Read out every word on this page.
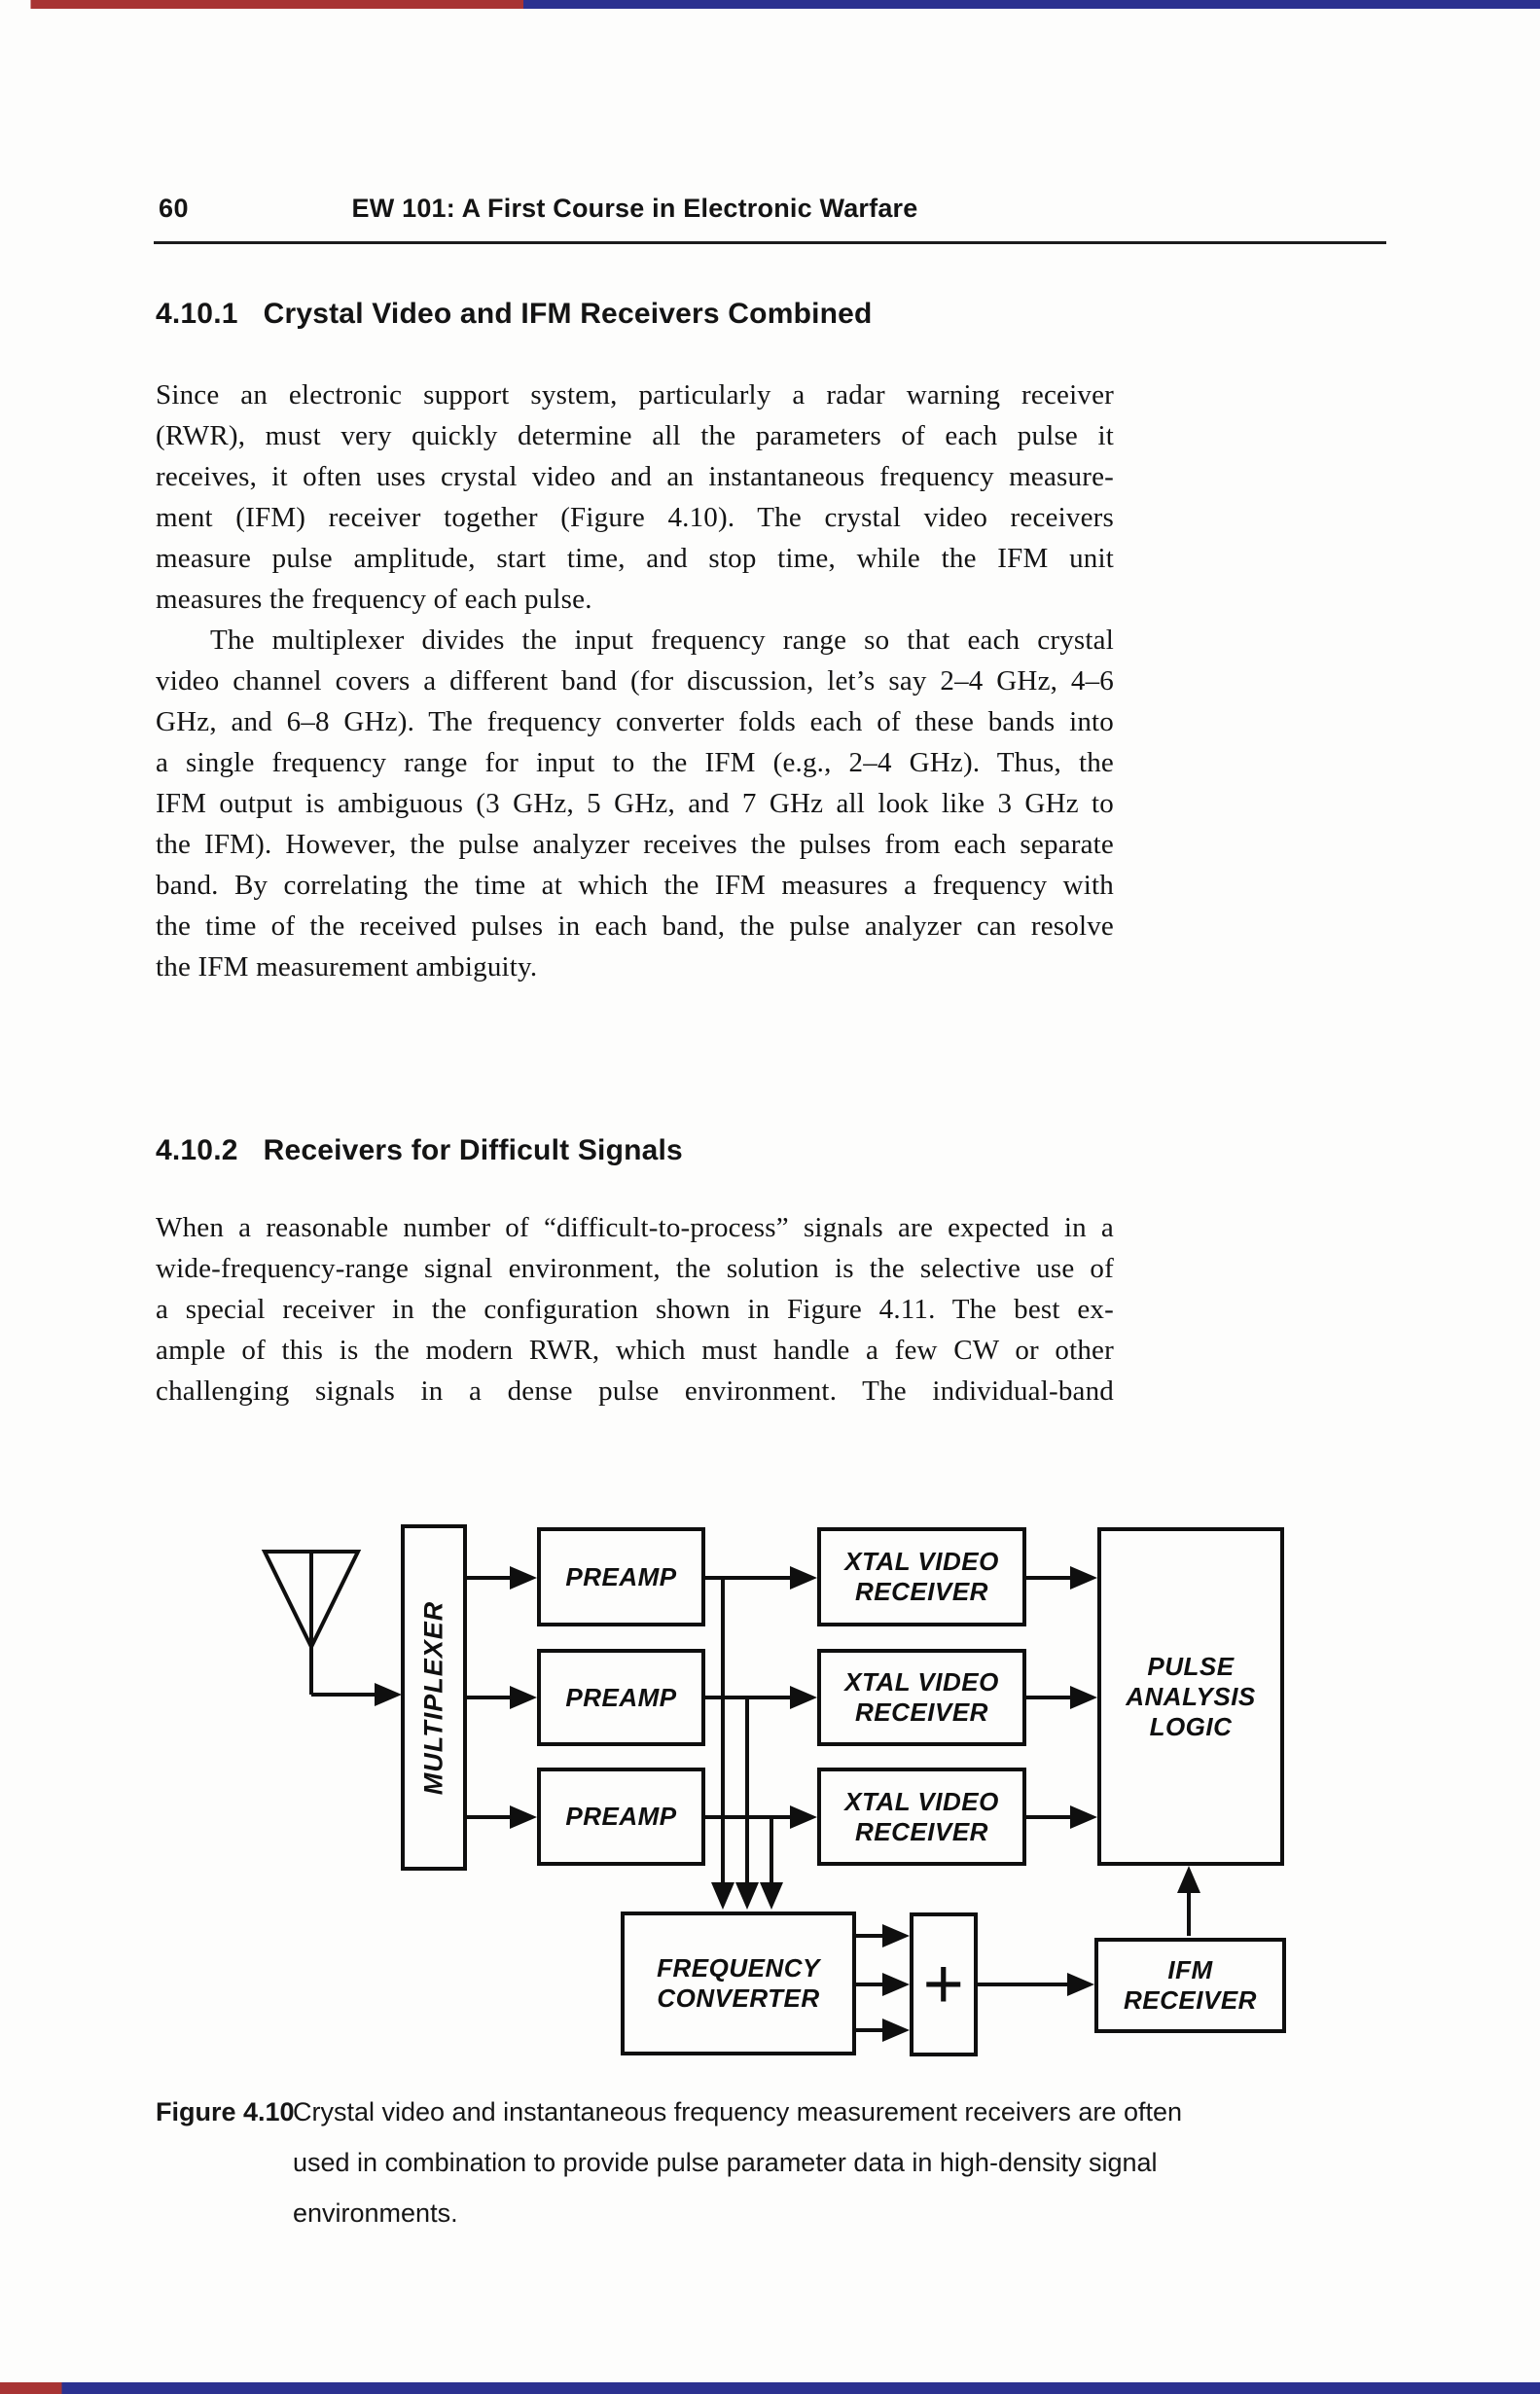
60	EW 101: A First Course in Electronic Warfare
4.10.1 Crystal Video and IFM Receivers Combined
Since an electronic support system, particularly a radar warning receiver
(RWR), must very quickly determine all the parameters of each pulse it
receives, it often uses crystal video and an instantaneous frequency measure-
ment (IFM) receiver together (Figure 4.10). The crystal video receivers
measure pulse amplitude, start time, and stop time, while the IFM unit
measures the frequency of each pulse.
The multiplexer divides the input frequency range so that each crystal
video channel covers a different band (for discussion, let’s say 2–4 GHz, 4–6
GHz, and 6–8 GHz). The frequency converter folds each of these bands into
a single frequency range for input to the IFM (e.g., 2–4 GHz). Thus, the
IFM output is ambiguous (3 GHz, 5 GHz, and 7 GHz all look like 3 GHz to
the IFM). However, the pulse analyzer receives the pulses from each separate
band. By correlating the time at which the IFM measures a frequency with
the time of the received pulses in each band, the pulse analyzer can resolve
the IFM measurement ambiguity.
4.10.2 Receivers for Difficult Signals
When a reasonable number of “difficult-to-process” signals are expected in a
wide-frequency-range signal environment, the solution is the selective use of
a special receiver in the configuration shown in Figure 4.11. The best ex-
ample of this is the modern RWR, which must handle a few CW or other
challenging signals in a dense pulse environment. The individual-band
MULTIPLEXER
PREAMP
PREAMP
PREAMP
XTAL VIDEO
RECEIVER
XTAL VIDEO
RECEIVER
XTAL VIDEO
RECEIVER
PULSE
ANALYSIS
LOGIC
FREQUENCY
CONVERTER +	IFM
RECEIVER
Figure 4.10
Crystal video and instantaneous frequency measurement receivers are often
used in combination to provide pulse parameter data in high-density signal
environments.
